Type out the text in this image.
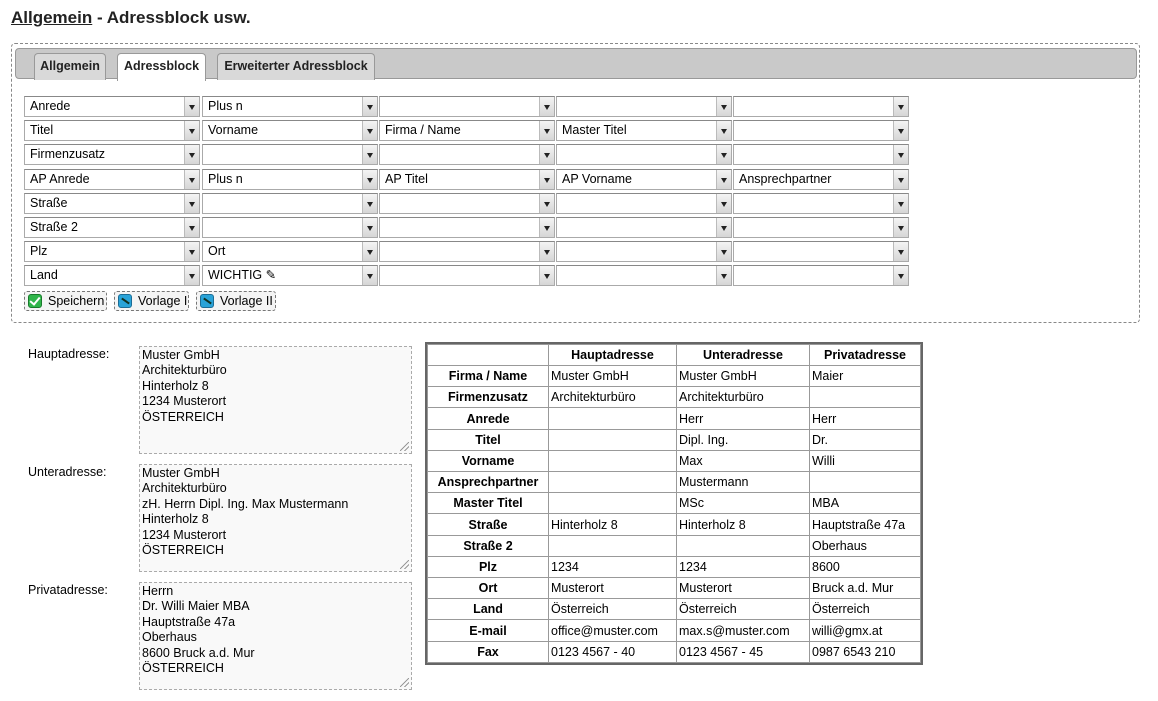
Allgemein - Adressblock usw.
Allgemein	Adressblock	Erweiterter Adressblock
Anrede	Plus n
Titel	Vorname	Firma / Name	Master Titel
Firmenzusatz
AP Anrede	Plus n	AP Titel	AP Vorname	Ansprechpartner
Straße
Straße 2
Plz	Ort
Land	WICHTIG ✎
Speichern	Vorlage I	Vorlage II
Hauptadresse:	Muster GmbH
Architekturbüro
Hinterholz 8
1234 Musterort
ÖSTERREICH
Unteradresse:	Muster GmbH
Architekturbüro
zH. Herrn Dipl. Ing. Max Mustermann
Hinterholz 8
1234 Musterort
ÖSTERREICH
Privatadresse:	Herrn
Dr. Willi Maier MBA
Hauptstraße 47a
Oberhaus
8600 Bruck a.d. Mur
ÖSTERREICH
	Hauptadresse	Unteradresse	Privatadresse
Firma / Name	Muster GmbH	Muster GmbH	Maier
Firmenzusatz	Architekturbüro	Architekturbüro	
Anrede		Herr	Herr
Titel		Dipl. Ing.	Dr.
Vorname		Max	Willi
Ansprechpartner		Mustermann	
Master Titel		MSc	MBA
Straße	Hinterholz 8	Hinterholz 8	Hauptstraße 47a
Straße 2			Oberhaus
Plz	1234	1234	8600
Ort	Musterort	Musterort	Bruck a.d. Mur
Land	Österreich	Österreich	Österreich
E-mail	office@muster.com	max.s@muster.com	willi@gmx.at
Fax	0123 4567 - 40	0123 4567 - 45	0987 6543 210
